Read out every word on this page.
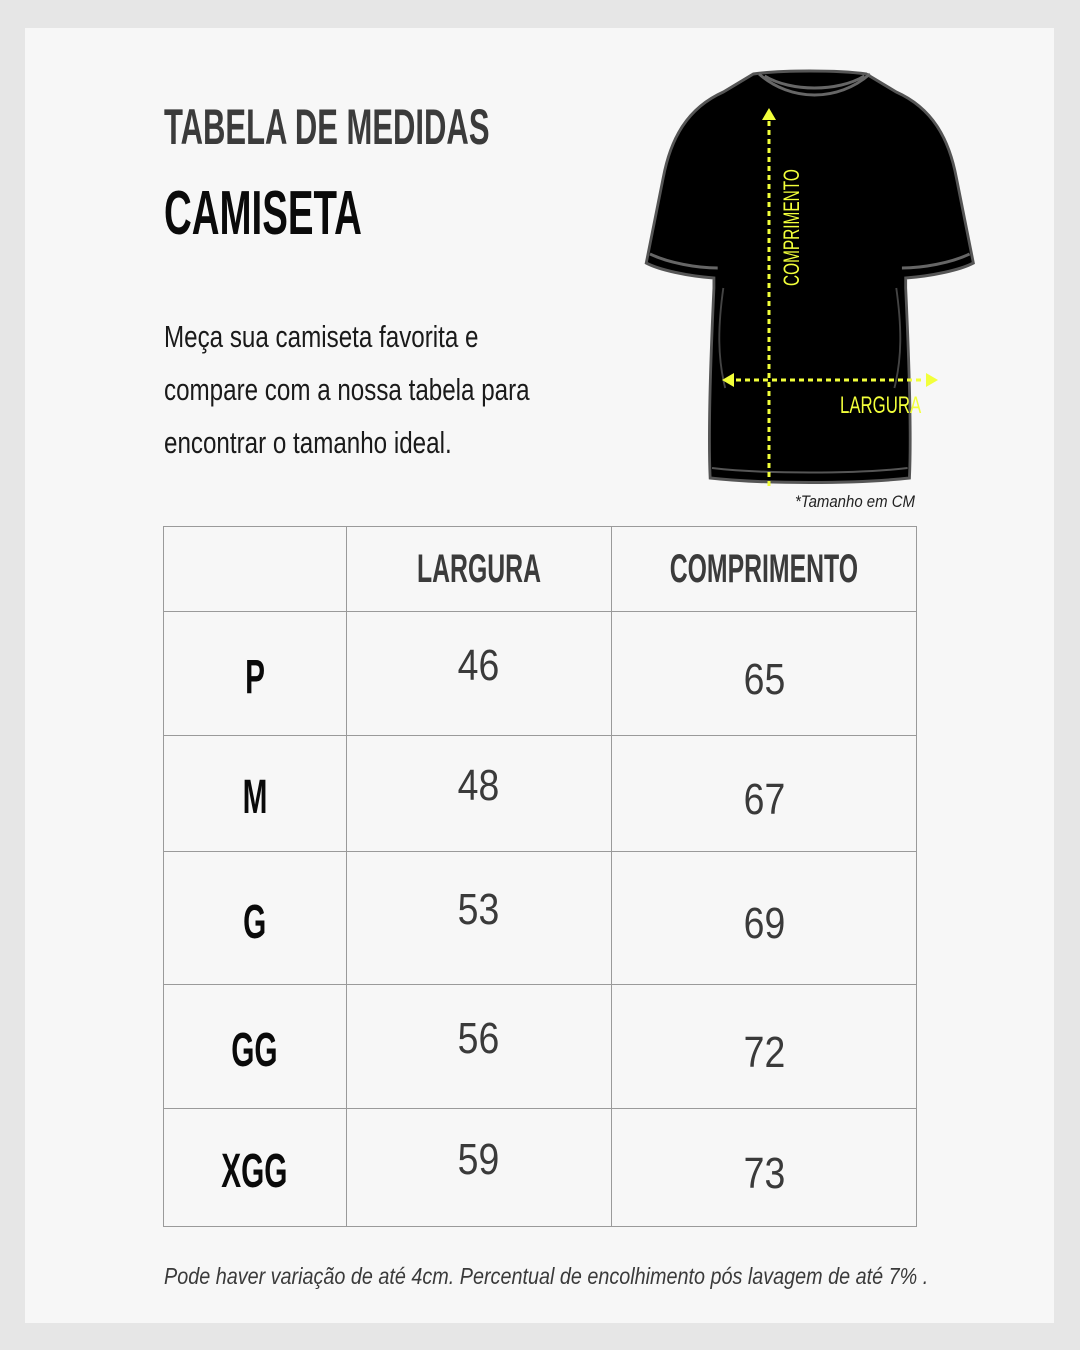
TABELA DE MEDIDAS
CAMISETA
Meça sua camiseta favorita e
compare com a nossa tabela para
encontrar o tamanho ideal.
COMPRIMENTO
LARGURA
*Tamanho em CM
	LARGURA	COMPRIMENTO
P	46	65
M	48	67
G	53	69
GG	56	72
XGG	59	73
Pode haver variação de até 4cm. Percentual de encolhimento pós lavagem de até 7% .
